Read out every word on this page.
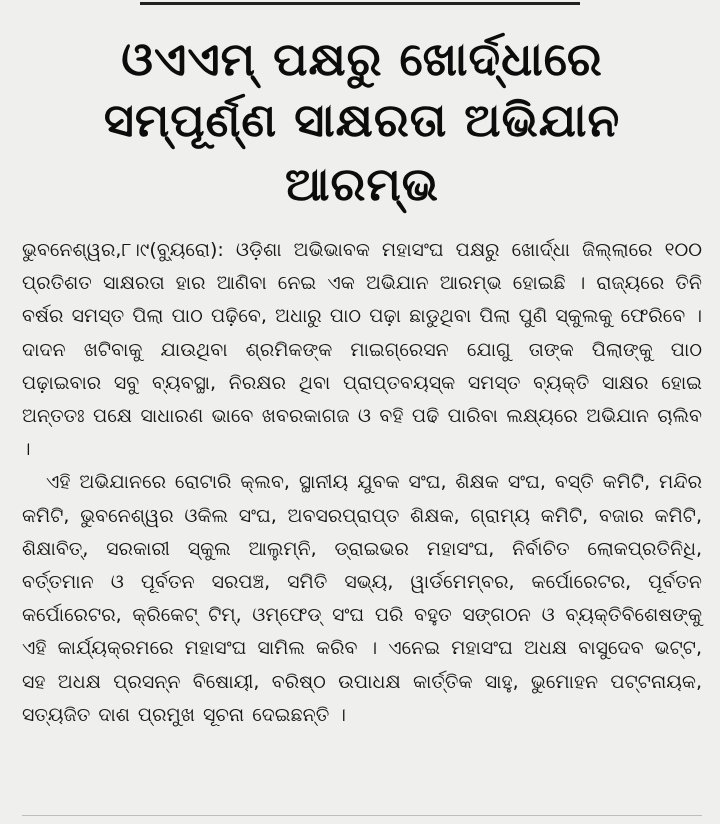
ଓଏଏମ୍ ପକ୍ଷରୁ ଖୋର୍ଦ୍ଧାରେ
ସମ୍ପୂର୍ଣ୍ଣ ସାକ୍ଷରତା ଅଭିଯାନ ଆରମ୍ଭ

ଭୁବନେଶ୍ୱର,୮।୯(ବ୍ୟୁରୋ): ଓଡ଼ିଶା ଅଭିଭାବକ ମହାସଂଘ ପକ୍ଷରୁ ଖୋର୍ଦ୍ଧା ଜିଲ୍ଲାରେ ୧୦୦ ପ୍ରତିଶତ ସାକ୍ଷରତା ହାର ଆଣିବା ନେଇ ଏକ ଅଭିଯାନ ଆରମ୍ଭ ହୋଇଛି । ରାଜ୍ୟରେ ତିନି ବର୍ଷର ସମସ୍ତ ପିଲା ପାଠ ପଢ଼ିବେ, ଅଧାରୁ ପାଠ ପଢ଼ା ଛାଡୁଥିବା ପିଲା ପୁଣି ସ୍କୁଲକୁ ଫେରିବେ । ଦାଦନ ଖଟିବାକୁ ଯାଉଥିବା ଶ୍ରମିକଙ୍କ ମାଇଗ୍ରେସନ ଯୋଗୁ ତାଙ୍କ ପିଲାଙ୍କୁ ପାଠ ପଢ଼ାଇବାର ସବୁ ବ୍ୟବସ୍ଥା, ନିରକ୍ଷର ଥିବା ପ୍ରାପ୍ତବୟସ୍କ ସମସ୍ତ ବ୍ୟକ୍ତି ସାକ୍ଷର ହୋଇ ଅନ୍ତତଃ ପକ୍ଷେ ସାଧାରଣ ଭାବେ ଖବରକାଗଜ ଓ ବହି ପଢି ପାରିବା ଲକ୍ଷ୍ୟରେ ଅଭିଯାନ ଚାଲିବ ।

ଏହି ଅଭିଯାନରେ ରୋଟାରି କ୍ଲବ, ସ୍ଥାନୀୟ ଯୁବକ ସଂଘ, ଶିକ୍ଷକ ସଂଘ, ବସ୍ତି କମିଟି, ମନ୍ଦିର କମିଟି, ଭୁବନେଶ୍ୱର ଓକିଲ ସଂଘ, ଅବସରପ୍ରାପ୍ତ ଶିକ୍ଷକ, ଗ୍ରାମ୍ୟ କମିଟି, ବଜାର କମିଟି, ଶିକ୍ଷାବିତ୍, ସରକାରୀ ସ୍କୁଲ ଆଲୁମ୍ନି, ଡ୍ରାଇଭର ମହାସଂଘ, ନିର୍ବାଚିତ ଲୋକପ୍ରତିନିଧି, ବର୍ତ୍ତମାନ ଓ ପୂର୍ବତନ ସରପଞ୍ଚ, ସମିତି ସଭ୍ୟ, ୱାର୍ଡମେମ୍ବର, କର୍ପୋରେଟର, ପୂର୍ବତନ କର୍ପୋରେଟର, କ୍ରିକେଟ୍ ଟିମ୍, ଓମ୍‌ଫେଡ୍ ସଂଘ ପରି ବହୁତ ସଙ୍ଗଠନ ଓ ବ୍ୟକ୍ତିବିଶେଷଙ୍କୁ ଏହି କାର୍ଯ୍ୟକ୍ରମରେ ମହାସଂଘ ସାମିଲ କରିବ । ଏନେଇ ମହାସଂଘ ଅଧକ୍ଷ ବାସୁଦେବ ଭଟ୍ଟ, ସହ ଅଧକ୍ଷ ପ୍ରସନ୍ନ ବିଷୋୟୀ, ବରିଷ୍ଠ ଉପାଧକ୍ଷ କାର୍ତ୍ତିକ ସାହୁ, ଭୁମୋହନ ପଟ୍ଟନାୟକ, ସତ୍ୟଜିତ ଦାଶ ପ୍ରମୁଖ ସୂଚନା ଦେଇଛନ୍ତି ।
